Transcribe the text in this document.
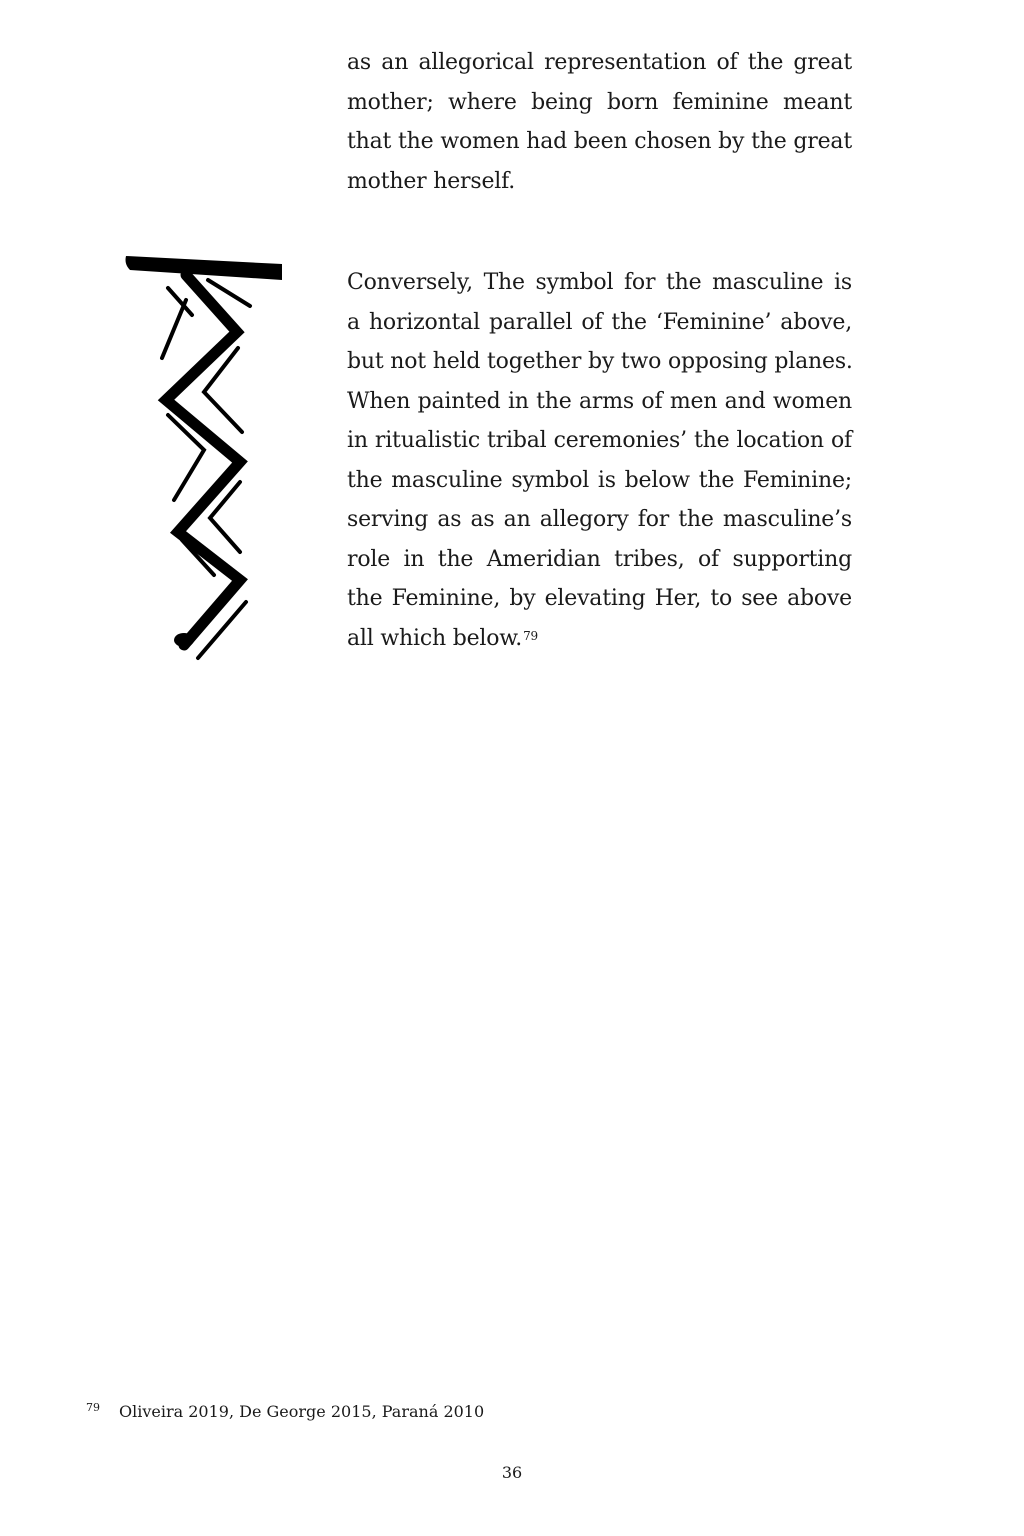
as an allegorical representation of the great
mother; where being born feminine meant
that the women had been chosen by the great
mother herself.
Conversely, The symbol for the masculine is
a horizontal parallel of the ‘Feminine’ above,
but not held together by two opposing planes.
When painted in the arms of men and women
in ritualistic tribal ceremonies’ the location of
the masculine symbol is below the Feminine;
serving as as an allegory for the masculine’s
role in the Ameridian tribes, of supporting
the Feminine, by elevating Her, to see above
all which below.$^{79}$
79 Oliveira 2019, De George 2015, Paraná 2010
36
